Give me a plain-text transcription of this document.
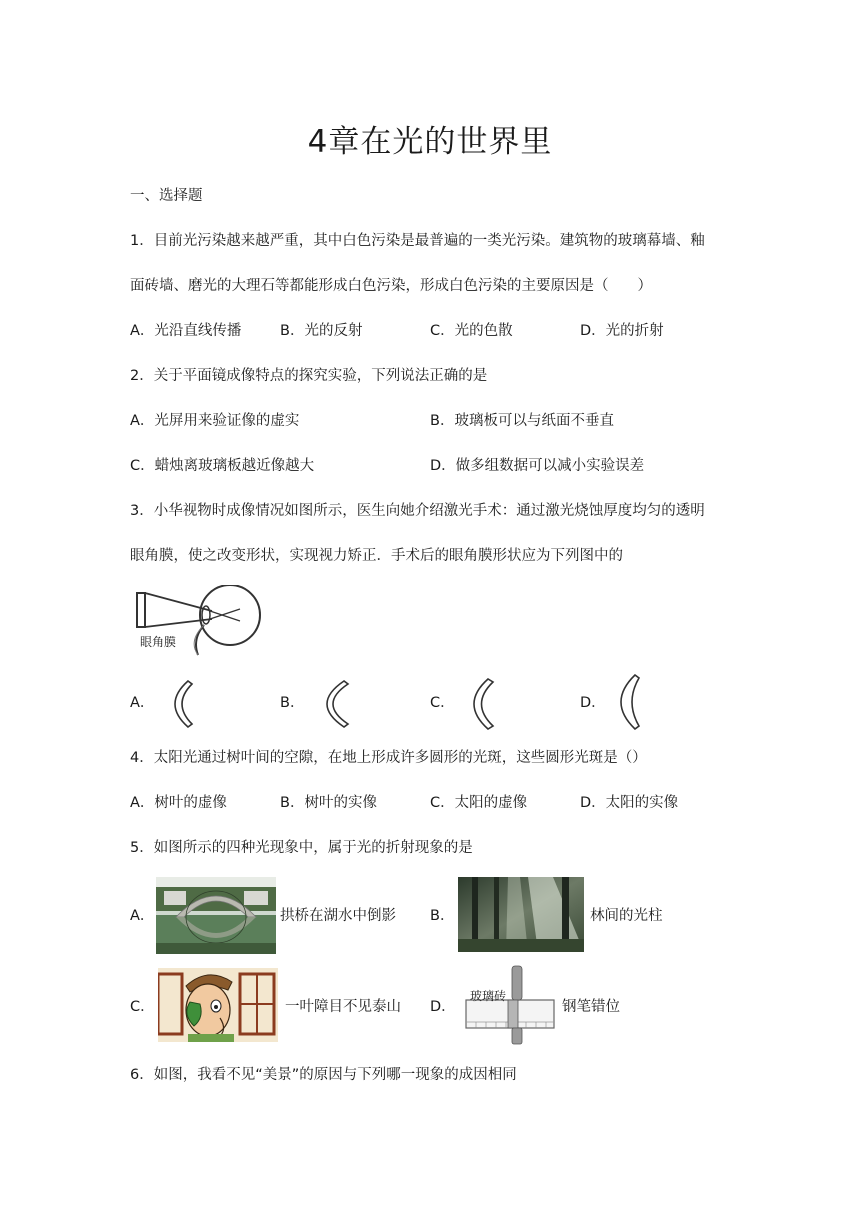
4章在光的世界里
一、选择题
1．目前光污染越来越严重，其中白色污染是最普遍的一类光污染。建筑物的玻璃幕墙、釉
面砖墙、磨光的大理石等都能形成白色污染，形成白色污染的主要原因是（　　）
A．光沿直线传播	B．光的反射	C．光的色散	D．光的折射
2．关于平面镜成像特点的探究实验，下列说法正确的是
A．光屏用来验证像的虚实	B．玻璃板可以与纸面不垂直
C．蜡烛离玻璃板越近像越大	D．做多组数据可以减小实验误差
3．小华视物时成像情况如图所示，医生向她介绍激光手术：通过激光烧蚀厚度均匀的透明
眼角膜，使之改变形状，实现视力矫正．手术后的眼角膜形状应为下列图中的
眼角膜
A．	B．	C．	D．
4．太阳光通过树叶间的空隙，在地上形成许多圆形的光斑，这些圆形光斑是（）
A．树叶的虚像	B．树叶的实像	C．太阳的虚像	D．太阳的实像
5．如图所示的四种光现象中，属于光的折射现象的是
A．	拱桥在湖水中倒影 B．	林间的光柱
C．	一叶障目不见泰山 D．
玻璃砖
钢笔错位
6．如图，我看不见“美景”的原因与下列哪一现象的成因相同
